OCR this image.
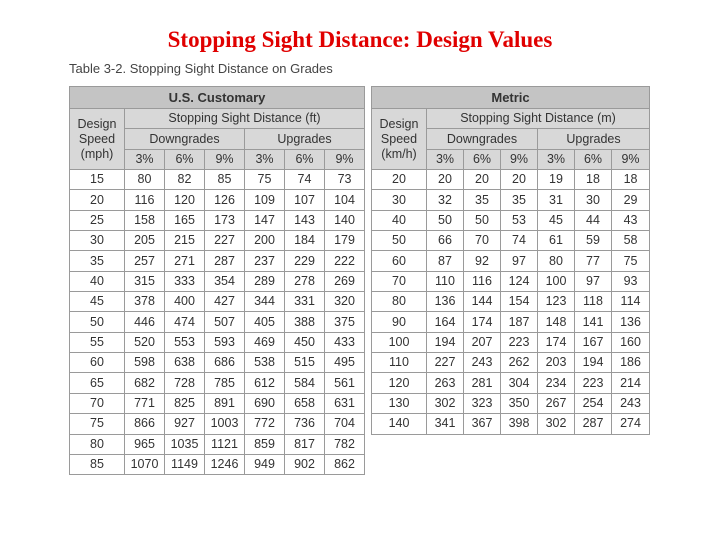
Stopping Sight Distance: Design Values

Table 3-2. Stopping Sight Distance on Grades

U.S. Customary						
Design
Speed
(mph)	Stopping Sight Distance (ft)					
	Downgrades			Upgrades		
	3%	6%	9%	3%	6%	9%
15	80	82	85	75	74	73
20	116	120	126	109	107	104
25	158	165	173	147	143	140
30	205	215	227	200	184	179
35	257	271	287	237	229	222
40	315	333	354	289	278	269
45	378	400	427	344	331	320
50	446	474	507	405	388	375
55	520	553	593	469	450	433
60	598	638	686	538	515	495
65	682	728	785	612	584	561
70	771	825	891	690	658	631
75	866	927	1003	772	736	704
80	965	1035	1121	859	817	782
85	1070	1149	1246	949	902	862
Metric						
Design
Speed
(km/h)	Stopping Sight Distance (m)					
	Downgrades			Upgrades		
	3%	6%	9%	3%	6%	9%
20	20	20	20	19	18	18
30	32	35	35	31	30	29
40	50	50	53	45	44	43
50	66	70	74	61	59	58
60	87	92	97	80	77	75
70	110	116	124	100	97	93
80	136	144	154	123	118	114
90	164	174	187	148	141	136
100	194	207	223	174	167	160
110	227	243	262	203	194	186
120	263	281	304	234	223	214
130	302	323	350	267	254	243
140	341	367	398	302	287	274
